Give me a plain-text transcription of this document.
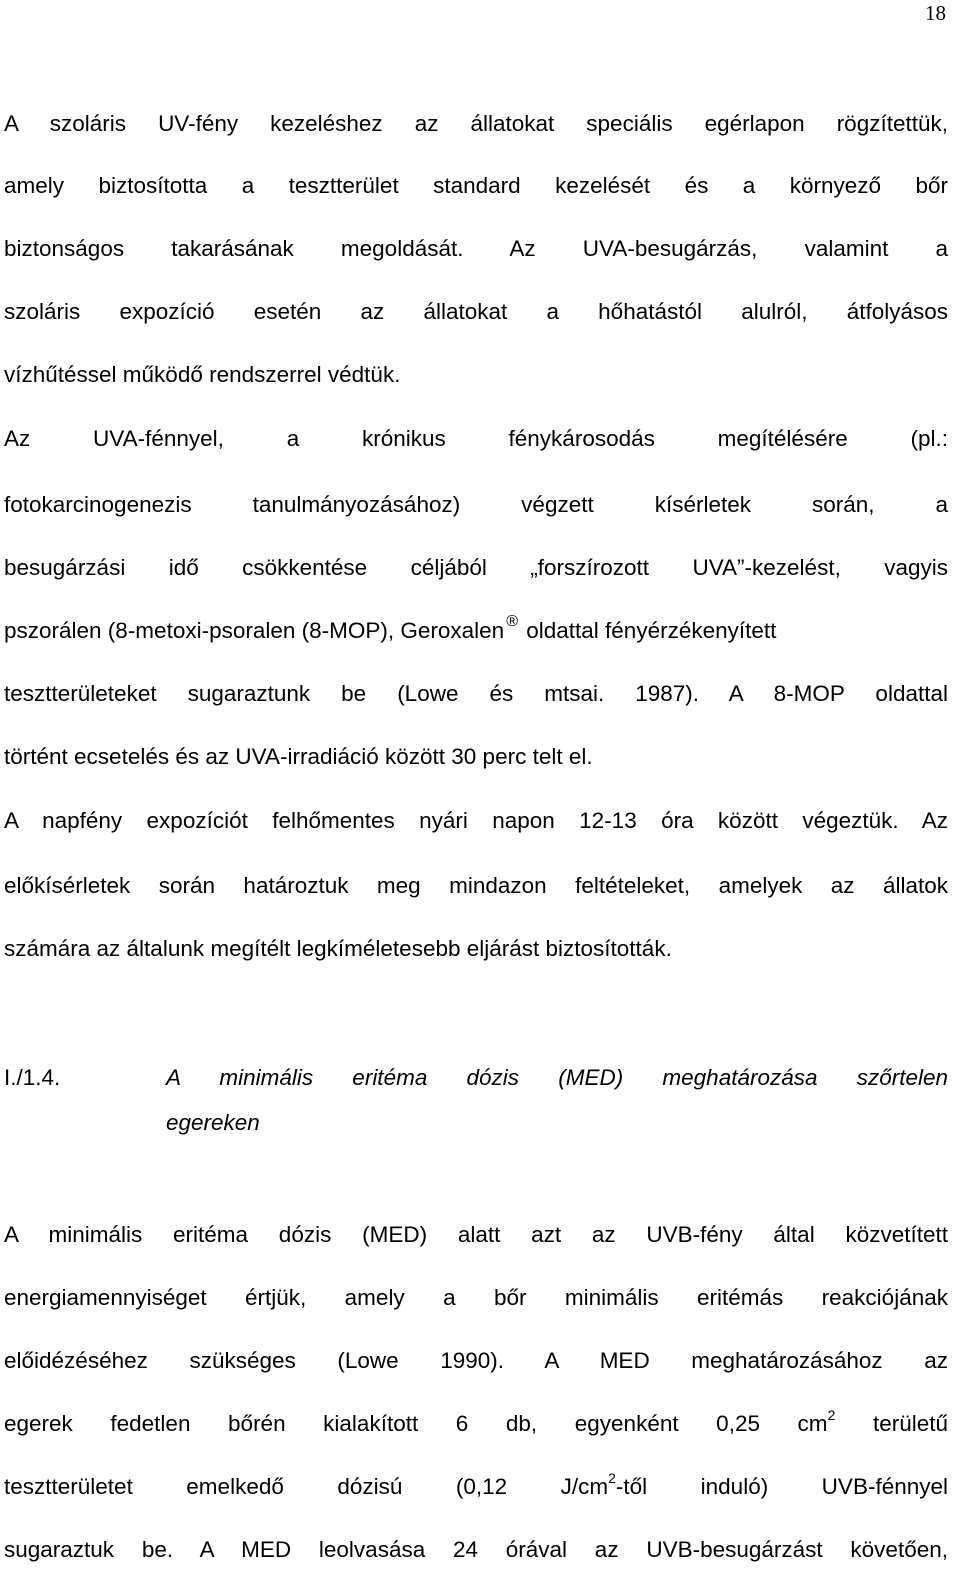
18
A szoláris UV-fény kezeléshez az állatokat speciális egérlapon rögzítettük,
amely biztosította a tesztterület standard kezelését és a környező bőr
biztonságos takarásának megoldását. Az UVA-besugárzás, valamint a
szoláris expozíció esetén az állatokat a hőhatástól alulról, átfolyásos
vízhűtéssel működő rendszerrel védtük.
Az UVA-fénnyel, a krónikus fénykárosodás megítélésére (pl.:
fotokarcinogenezis tanulmányozásához) végzett kísérletek során, a
besugárzási idő csökkentése céljából „forszírozott UVA”-kezelést, vagyis
pszorálen (8-metoxi-psoralen (8-MOP), Geroxalen ® oldattal fényérzékenyített
tesztterületeket sugaraztunk be (Lowe és mtsai. 1987). A 8-MOP oldattal
történt ecsetelés és az UVA-irradiáció között 30 perc telt el.
A napfény expozíciót felhőmentes nyári napon 12-13 óra között végeztük. Az
előkísérletek során határoztuk meg mindazon feltételeket, amelyek az állatok
számára az általunk megítélt legkíméletesebb eljárást biztosították.
I./1.4.	A minimális eritéma dózis (MED) meghatározása szőrtelen
egereken
A minimális eritéma dózis (MED) alatt azt az UVB-fény által közvetített
energiamennyiséget értjük, amely a bőr minimális eritémás reakciójának
előidézéséhez szükséges (Lowe 1990). A MED meghatározásához az
egerek fedetlen bőrén kialakított 6 db, egyenként 0,25 $cm^2$ területű
tesztterületet emelkedő dózisú (0,12 $J/cm^2$-től induló) UVB-fénnyel
sugaraztuk be. A MED leolvasása 24 órával az UVB-besugárzást követően,
